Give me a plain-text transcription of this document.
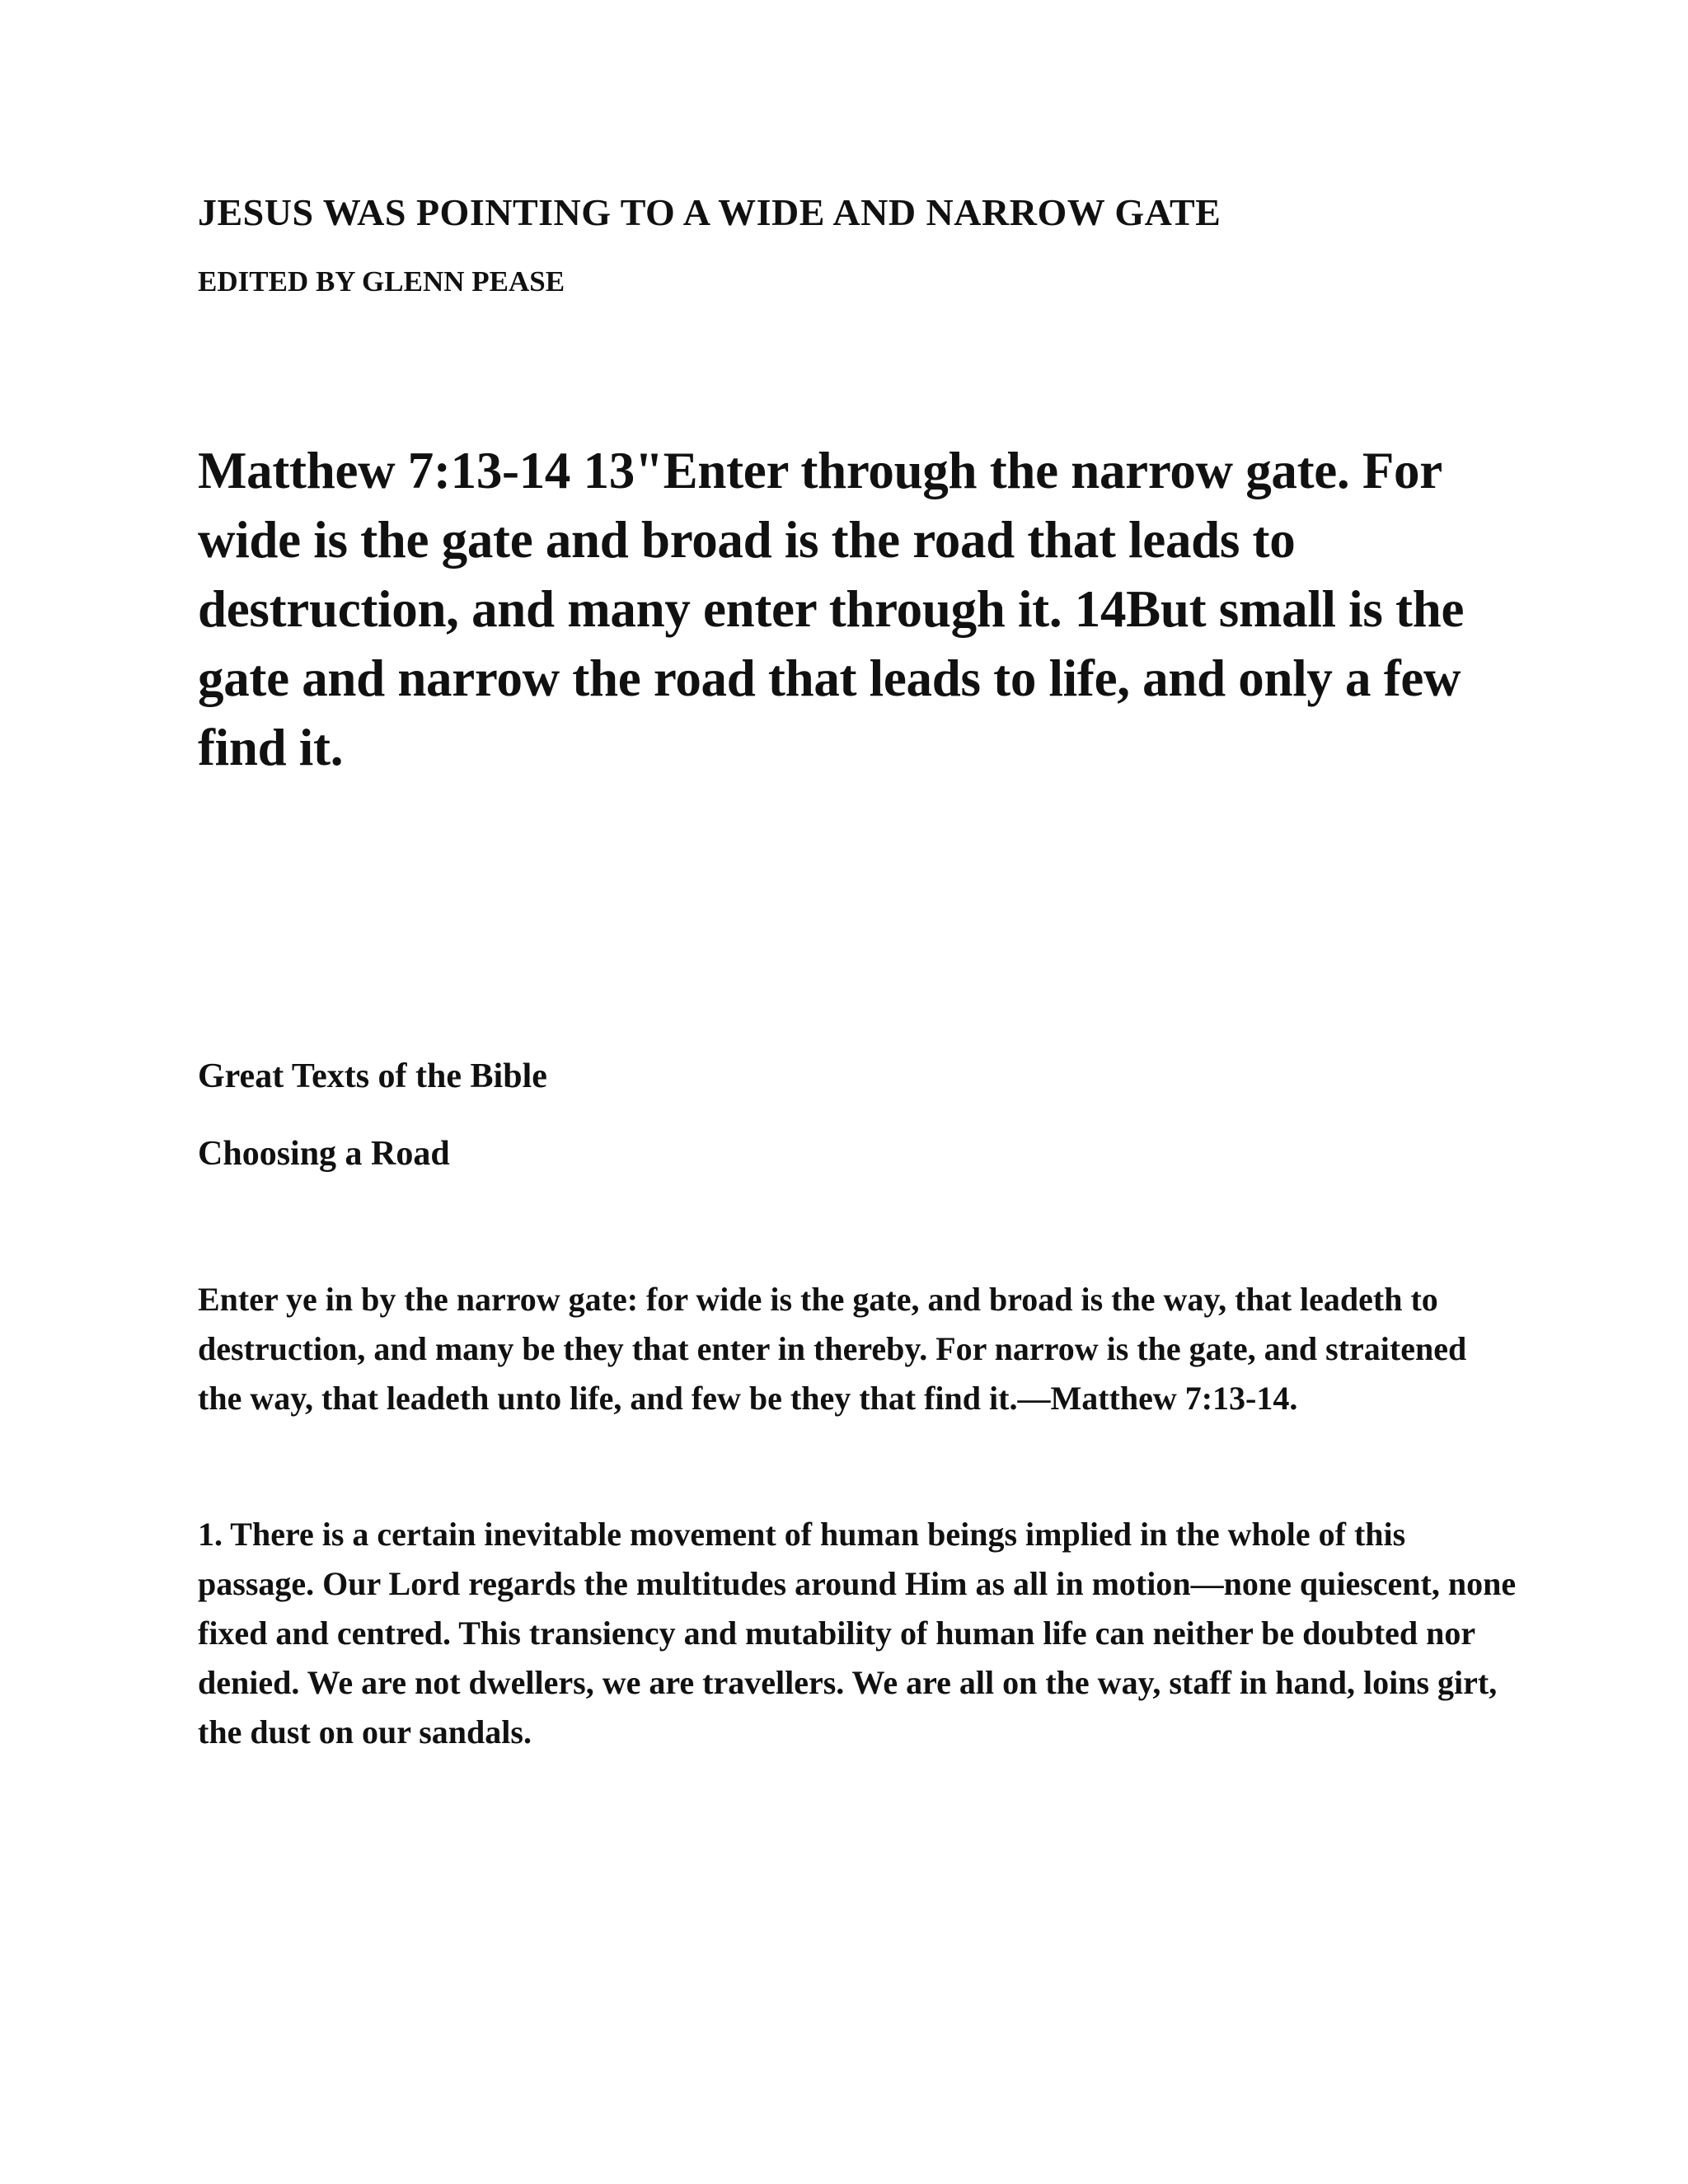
JESUS WAS POINTING TO A WIDE AND NARROW GATE

EDITED BY GLENN PEASE

Matthew 7:13-14 13"Enter through the narrow gate. For wide is the gate and broad is the road that leads to destruction, and many enter through it. 14But small is the gate and narrow the road that leads to life, and only a few find it.

Great Texts of the Bible

Choosing a Road

Enter ye in by the narrow gate: for wide is the gate, and broad is the way, that leadeth to destruction, and many be they that enter in thereby. For narrow is the gate, and straitened the way, that leadeth unto life, and few be they that find it.—Matthew 7:13-14.

1. There is a certain inevitable movement of human beings implied in the whole of this passage. Our Lord regards the multitudes around Him as all in motion—none quiescent, none fixed and centred. This transiency and mutability of human life can neither be doubted nor denied. We are not dwellers, we are travellers. We are all on the way, staff in hand, loins girt, the dust on our sandals.
